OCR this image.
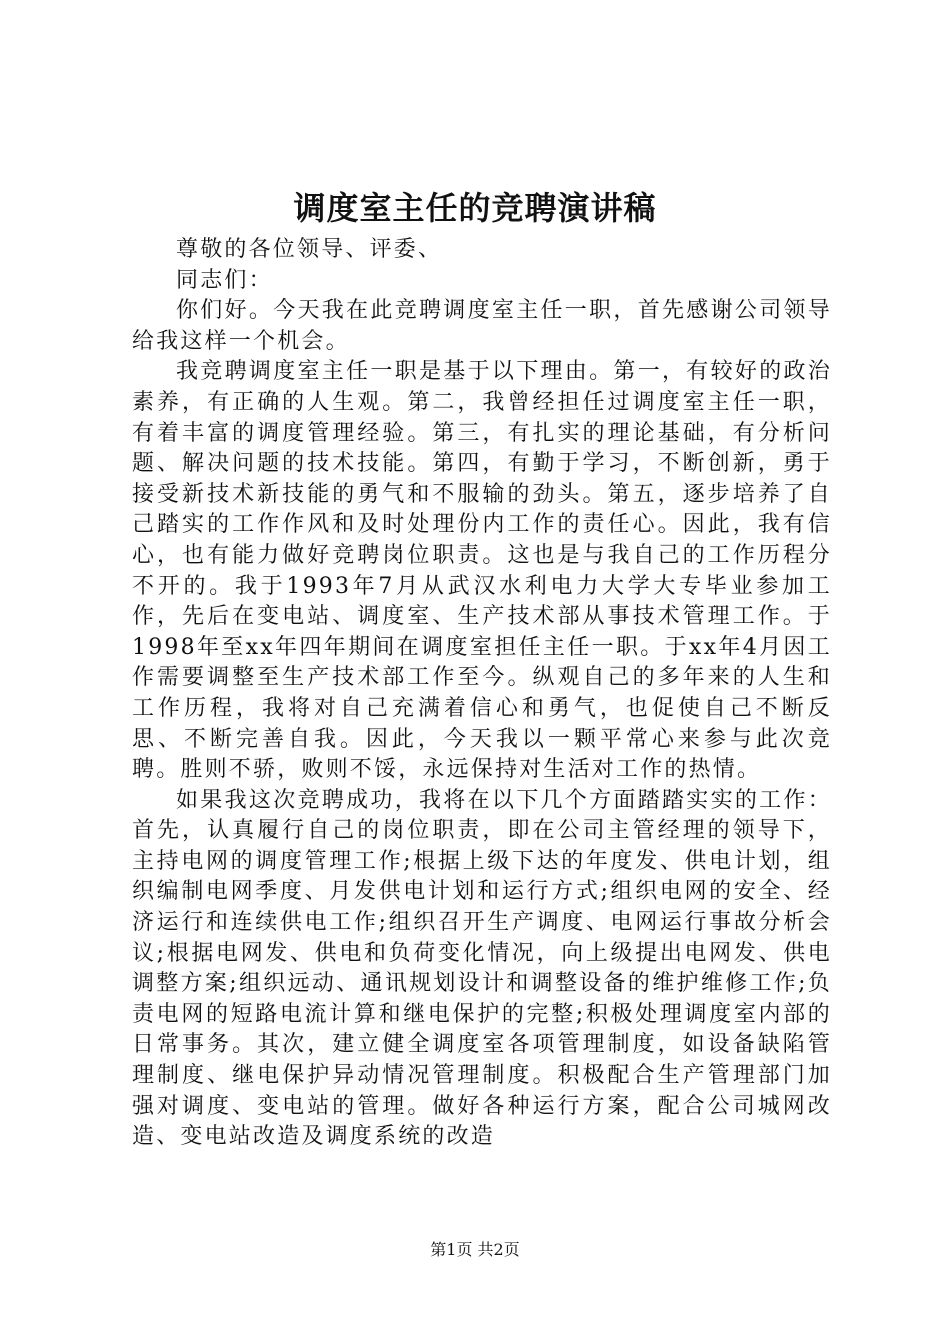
调度室主任的竞聘演讲稿

尊敬的各位领导、评委、

同志们：

你们好。今天我在此竞聘调度室主任一职，首先感谢公司领导给我这样一个机会。

我竞聘调度室主任一职是基于以下理由。第一，有较好的政治素养，有正确的人生观。第二，我曾经担任过调度室主任一职，有着丰富的调度管理经验。第三，有扎实的理论基础，有分析问题、解决问题的技术技能。第四，有勤于学习，不断创新，勇于接受新技术新技能的勇气和不服输的劲头。第五，逐步培养了自己踏实的工作作风和及时处理份内工作的责任心。因此，我有信心，也有能力做好竞聘岗位职责。这也是与我自己的工作历程分不开的。我于1993年7月从武汉水利电力大学大专毕业参加工作，先后在变电站、调度室、生产技术部从事技术管理工作。于1998年至xx年四年期间在调度室担任主任一职。于xx年4月因工作需要调整至生产技术部工作至今。纵观自己的多年来的人生和工作历程，我将对自己充满着信心和勇气，也促使自己不断反思、不断完善自我。因此，今天我以一颗平常心来参与此次竞聘。胜则不骄，败则不馁，永远保持对生活对工作的热情。

如果我这次竞聘成功，我将在以下几个方面踏踏实实的工作：首先，认真履行自己的岗位职责，即在公司主管经理的领导下，主持电网的调度管理工作;根据上级下达的年度发、供电计划，组织编制电网季度、月发供电计划和运行方式;组织电网的安全、经济运行和连续供电工作;组织召开生产调度、电网运行事故分析会议;根据电网发、供电和负荷变化情况，向上级提出电网发、供电调整方案;组织远动、通讯规划设计和调整设备的维护维修工作;负责电网的短路电流计算和继电保护的完整;积极处理调度室内部的日常事务。其次，建立健全调度室各项管理制度，如设备缺陷管理制度、继电保护异动情况管理制度。积极配合生产管理部门加强对调度、变电站的管理。做好各种运行方案，配合公司城网改造、变电站改造及调度系统的改造

第1页 共2页
